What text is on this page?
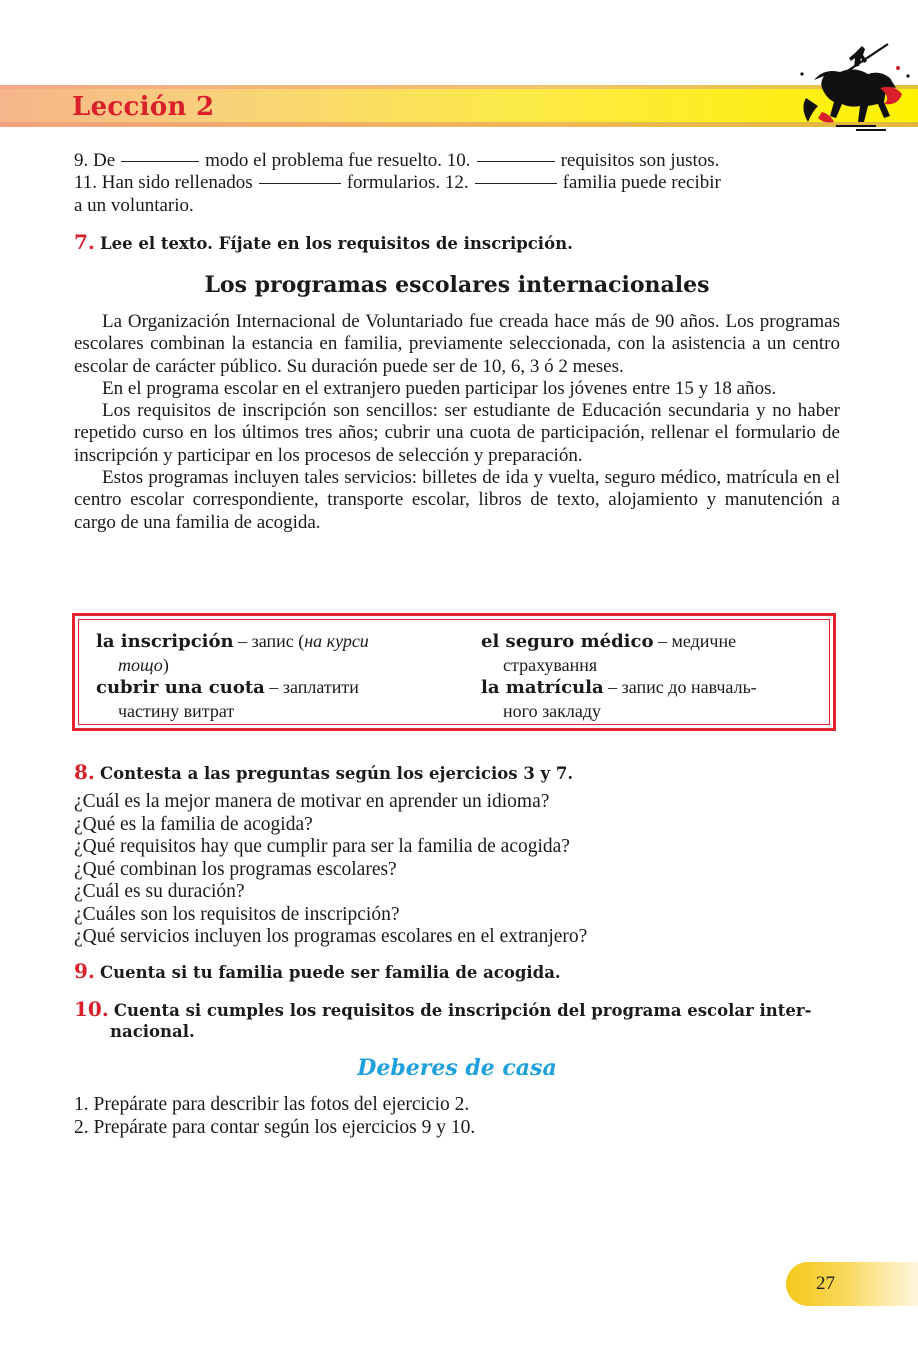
Lección 2

9. De	modo el problema fue resuelto. 10.	requisitos son justos.

11. Han sido rellenados	formularios. 12.	familia puede recibir

a un voluntario.

7. Lee el texto. Fíjate en los requisitos de inscripción.
Los programas escolares internacionales

La Organización Internacional de Voluntariado fue creada hace más de 90 años. Los programas escolares combinan la estancia en familia, previamente seleccionada, con la asistencia a un centro escolar de carácter público. Su duración puede ser de 10, 6, 3 ó 2 meses.

En el programa escolar en el extranjero pueden participar los jóvenes entre 15 y 18 años.

Los requisitos de inscripción son sencillos: ser estudiante de Educación secundaria y no haber repetido curso en los últimos tres años; cubrir una cuota de participación, rellenar el formulario de inscripción y participar en los procesos de selección y preparación.

Estos programas incluyen tales servicios: billetes de ida y vuelta, seguro médico, matrícula en el centro escolar correspondiente, transporte escolar, libros de texto, alojamiento y manutención a cargo de una familia de acogida.

la inscripción – запис (на курси
тощо)
cubrir una cuota – заплатити
частину витрат
el seguro médico – медичне
страхування
la matrícula – запис до навчаль-
ного закладу
8. Contesta a las preguntas según los ejercicios 3 y 7.
¿Cuál es la mejor manera de motivar en aprender un idioma?
¿Qué es la familia de acogida?
¿Qué requisitos hay que cumplir para ser la familia de acogida?
¿Qué combinan los programas escolares?
¿Cuál es su duración?
¿Cuáles son los requisitos de inscripción?
¿Qué servicios incluyen los programas escolares en el extranjero?
9. Cuenta si tu familia puede ser familia de acogida.
10. Cuenta si cumples los requisitos de inscripción del programa escolar inter-
nacional.
Deberes de casa
1. Prepárate para describir las fotos del ejercicio 2.
2. Prepárate para contar según los ejercicios 9 y 10.
27
